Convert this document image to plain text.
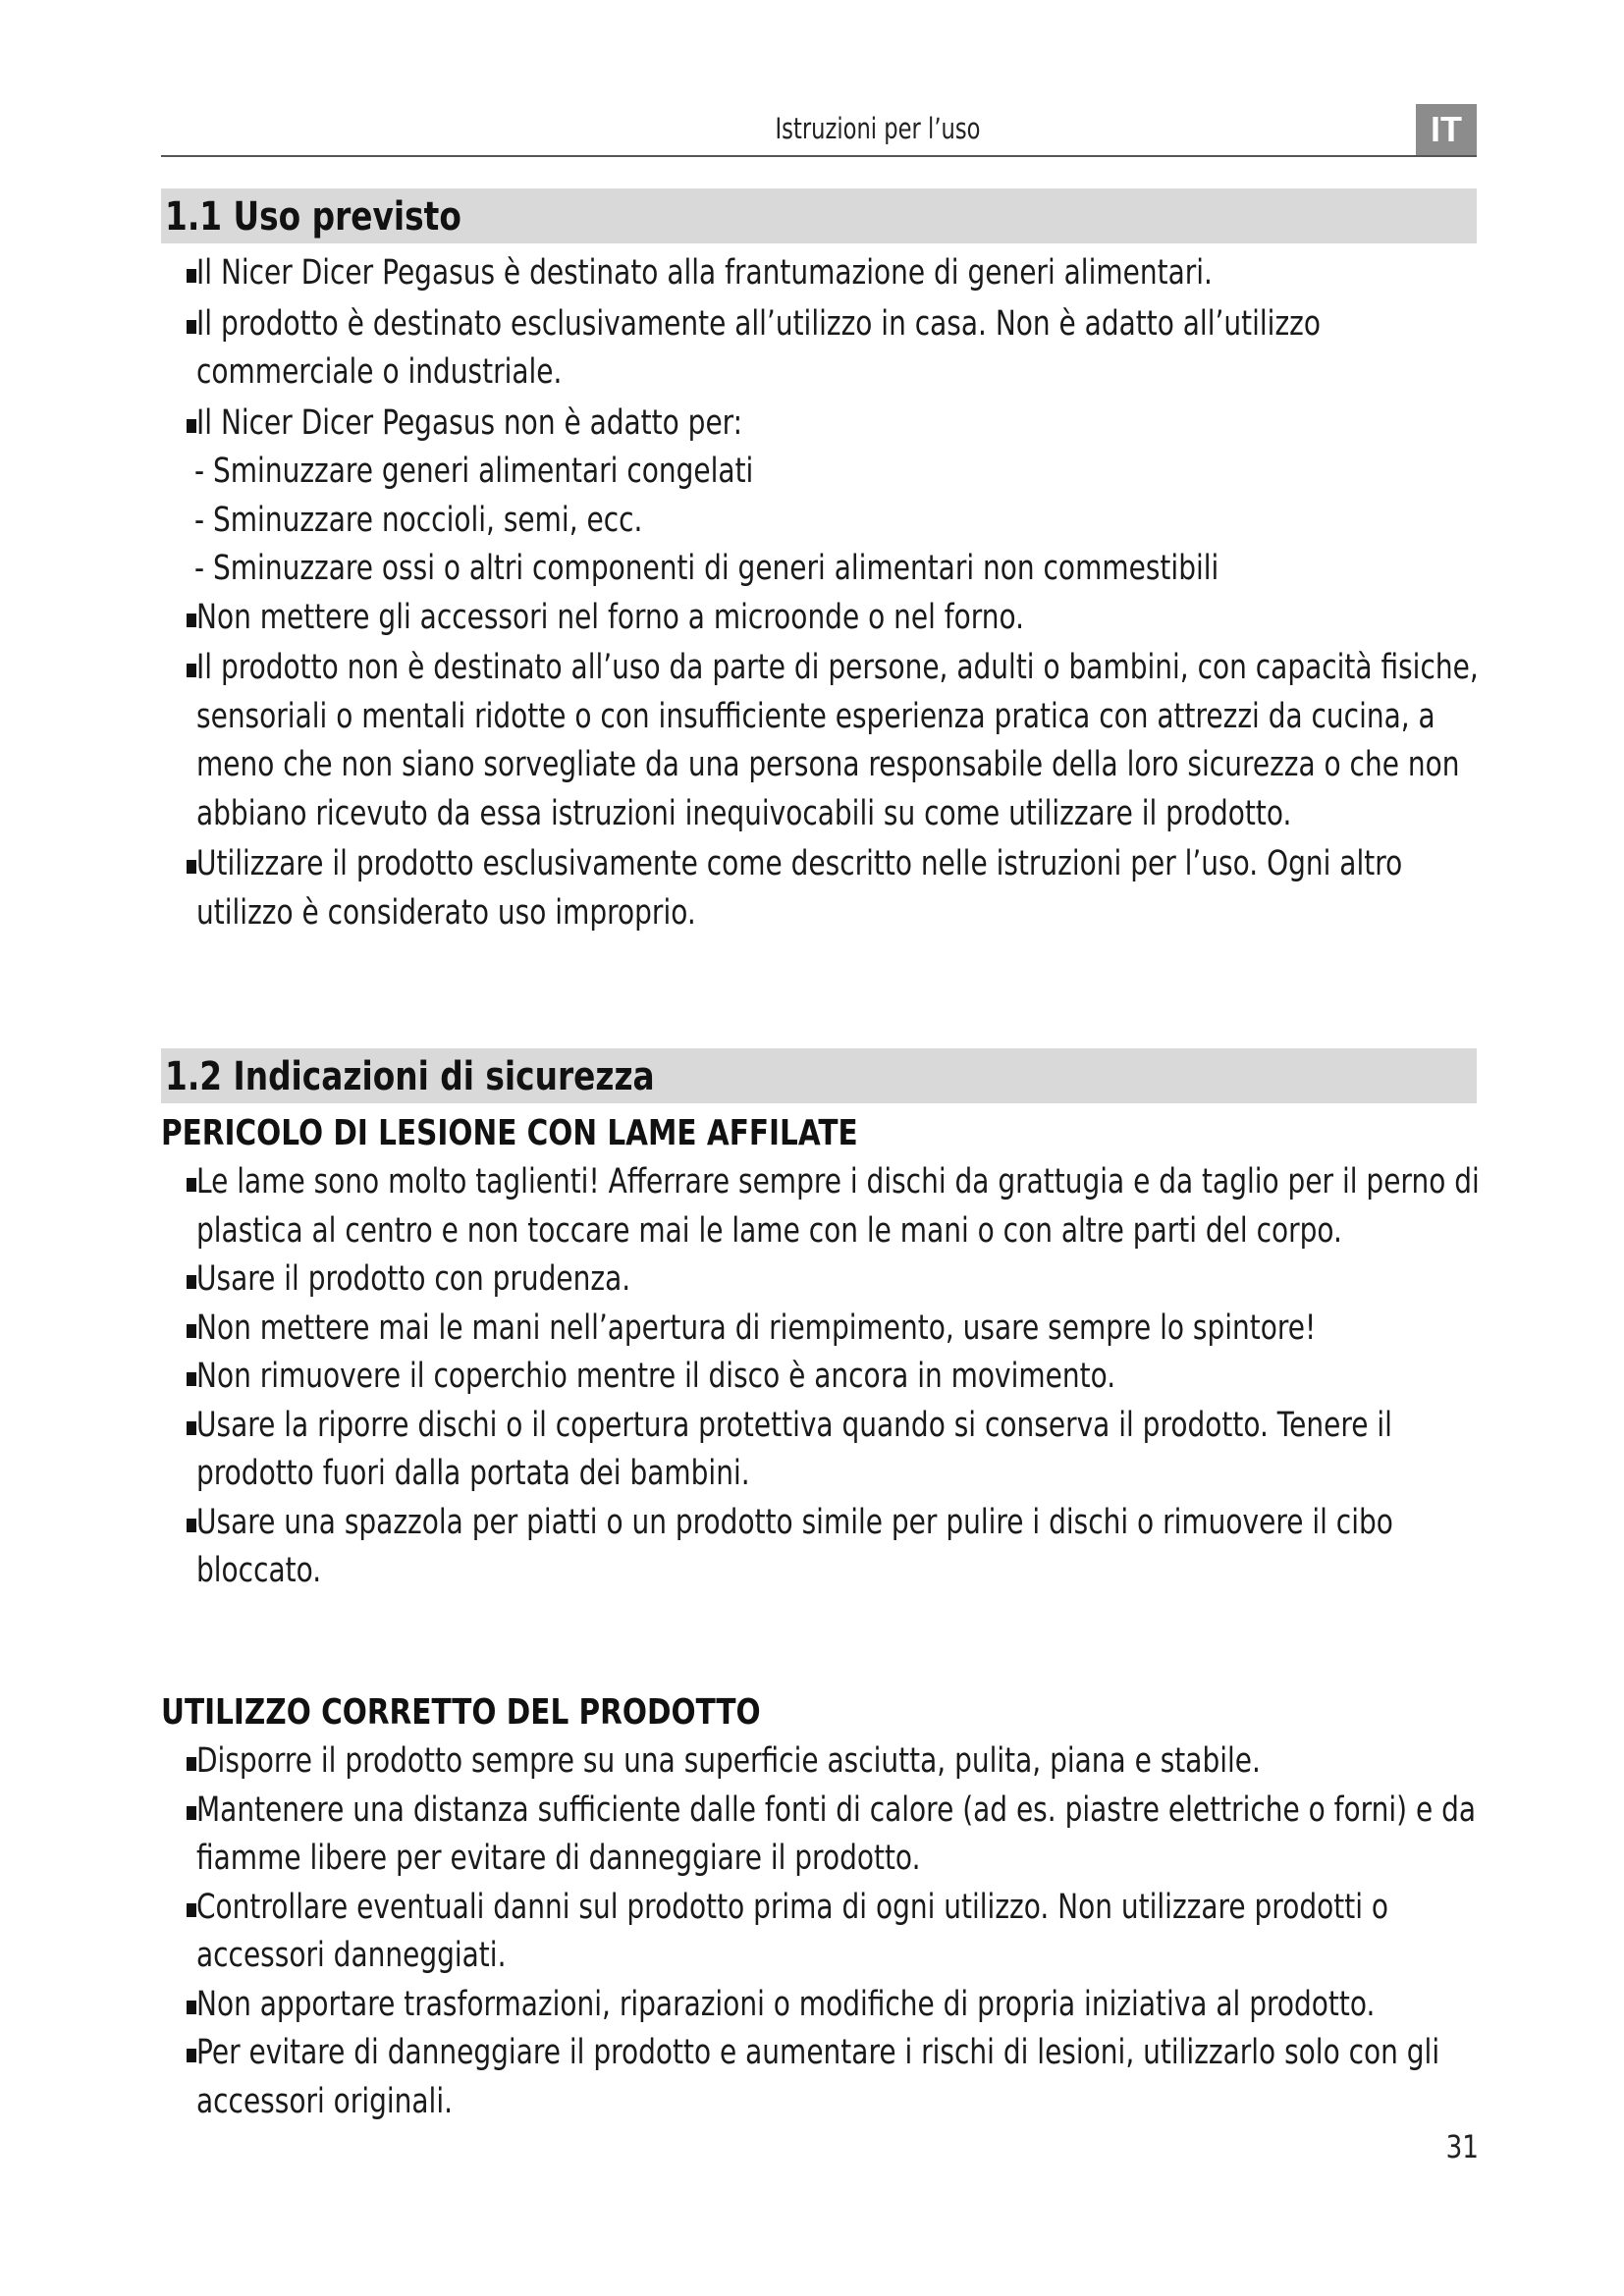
Istruzioni per l’uso	IT
1.1 Uso previsto
Il Nicer Dicer Pegasus è destinato alla frantumazione di generi alimentari.
Il prodotto è destinato esclusivamente all’utilizzo in casa. Non è adatto all’utilizzo commerciale o industriale.
Il Nicer Dicer Pegasus non è adatto per:
- Sminuzzare generi alimentari congelati
- Sminuzzare noccioli, semi, ecc.
- Sminuzzare ossi o altri componenti di generi alimentari non commestibili
Non mettere gli accessori nel forno a microonde o nel forno.
Il prodotto non è destinato all’uso da parte di persone, adulti o bambini, con capacità fisiche, sensoriali o mentali ridotte o con insufficiente esperienza pratica con attrezzi da cucina, a meno che non siano sorvegliate da una persona responsabile della loro sicurezza o che non abbiano ricevuto da essa istruzioni inequivocabili su come utilizzare il prodotto.
Utilizzare il prodotto esclusivamente come descritto nelle istruzioni per l’uso. Ogni altro utilizzo è considerato uso improprio.
1.2 Indicazioni di sicurezza
PERICOLO DI LESIONE CON LAME AFFILATE
Le lame sono molto taglienti! Afferrare sempre i dischi da grattugia e da taglio per il perno di plastica al centro e non toccare mai le lame con le mani o con altre parti del corpo.
Usare il prodotto con prudenza.
Non mettere mai le mani nell’apertura di riempimento, usare sempre lo spintore!
Non rimuovere il coperchio mentre il disco è ancora in movimento.
Usare la riporre dischi o il copertura protettiva quando si conserva il prodotto. Tenere il prodotto fuori dalla portata dei bambini.
Usare una spazzola per piatti o un prodotto simile per pulire i dischi o rimuovere il cibo bloccato.
UTILIZZO CORRETTO DEL PRODOTTO
Disporre il prodotto sempre su una superficie asciutta, pulita, piana e stabile.
Mantenere una distanza sufficiente dalle fonti di calore (ad es. piastre elettriche o forni) e da fiamme libere per evitare di danneggiare il prodotto.
Controllare eventuali danni sul prodotto prima di ogni utilizzo. Non utilizzare prodotti o accessori danneggiati.
Non apportare trasformazioni, riparazioni o modifiche di propria iniziativa al prodotto.
Per evitare di danneggiare il prodotto e aumentare i rischi di lesioni, utilizzarlo solo con gli accessori originali.
31
